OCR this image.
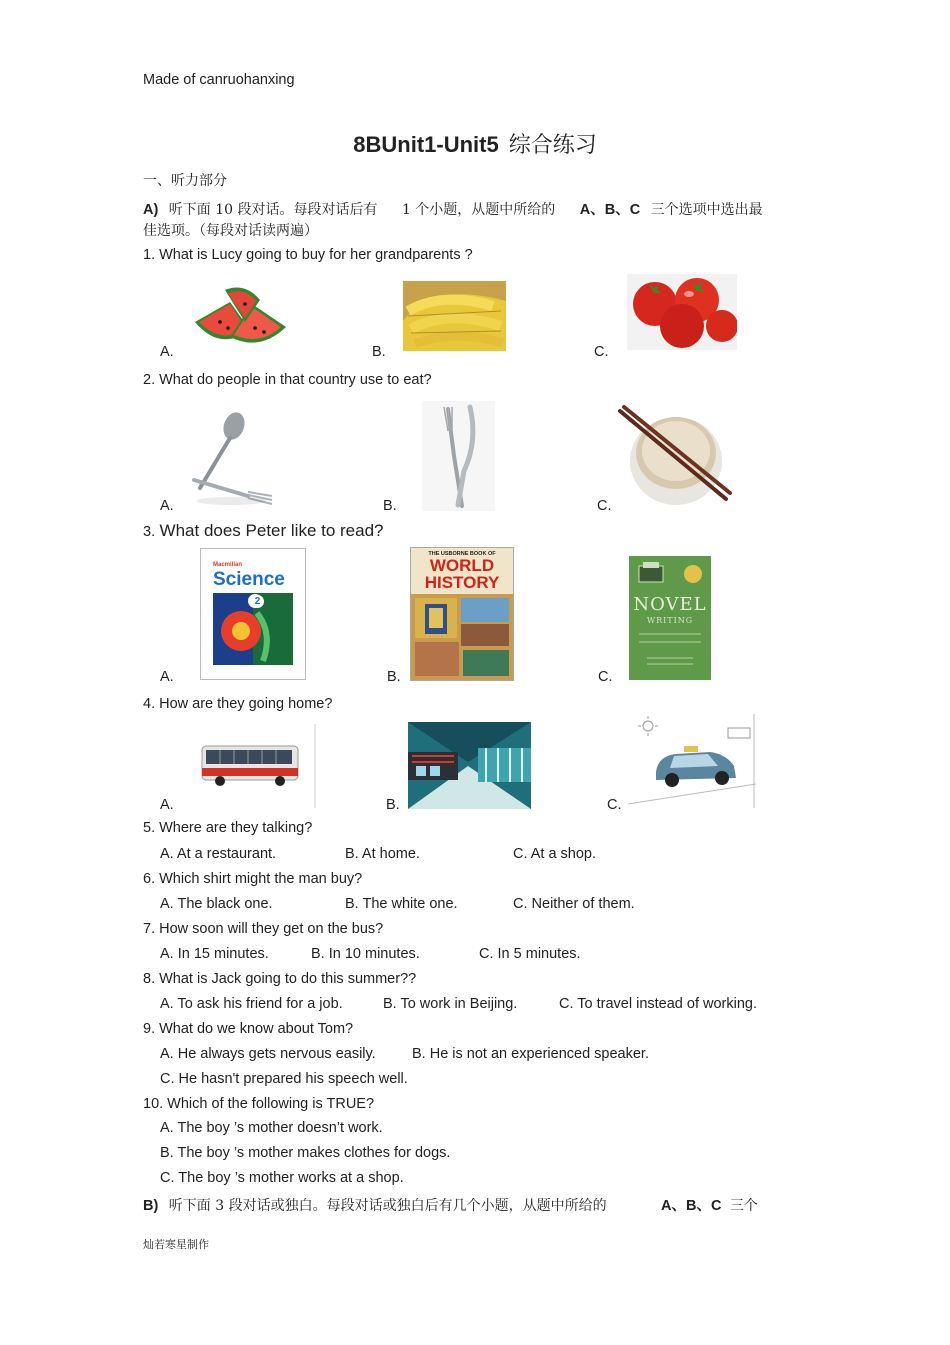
Made of canruohanxing
8BUnit1-Unit5 综合练习
一、听力部分
A) 听下面 10 段对话。每段对话后有 1 个小题，从题中所给的 A、B、C 三个选项中选出最
佳选项。（每段对话读两遍）
1. What is Lucy going to buy for her grandparents ?
A.	B.	C.
2. What do people in that country use to eat?
A.	B.	C.
3. What does Peter like to read?
Macmillan
Science
2
THE USBORNE BOOK OF
WORLD
HISTORY
NOVEL
WRITING
A.	B.	C.
4. How are they going home?
A.	B.	C.
5. Where are they talking?
A. At a restaurant.	B. At home.	C. At a shop.
6. Which shirt might the man buy?
A. The black one.	B. The white one.	C. Neither of them.
7. How soon will they get on the bus?
A. In 15 minutes.	B. In 10 minutes.	C. In 5 minutes.
8. What is Jack going to do this summer??
A. To ask his friend for a job.	B. To work in Beijing.	C. To travel instead of working.
9. What do we know about Tom?
A. He always gets nervous easily.	B. He is not an experienced speaker.
C. He hasn't prepared his speech well.
10. Which of the following is TRUE?
A. The boy ’s mother doesn’t work.
B. The boy ’s mother makes clothes for dogs.
C. The boy ’s mother works at a shop.
B) 听下面 3 段对话或独白。每段对话或独白后有几个小题，从题中所给的	A、B、C 三个
灿若寒星制作
